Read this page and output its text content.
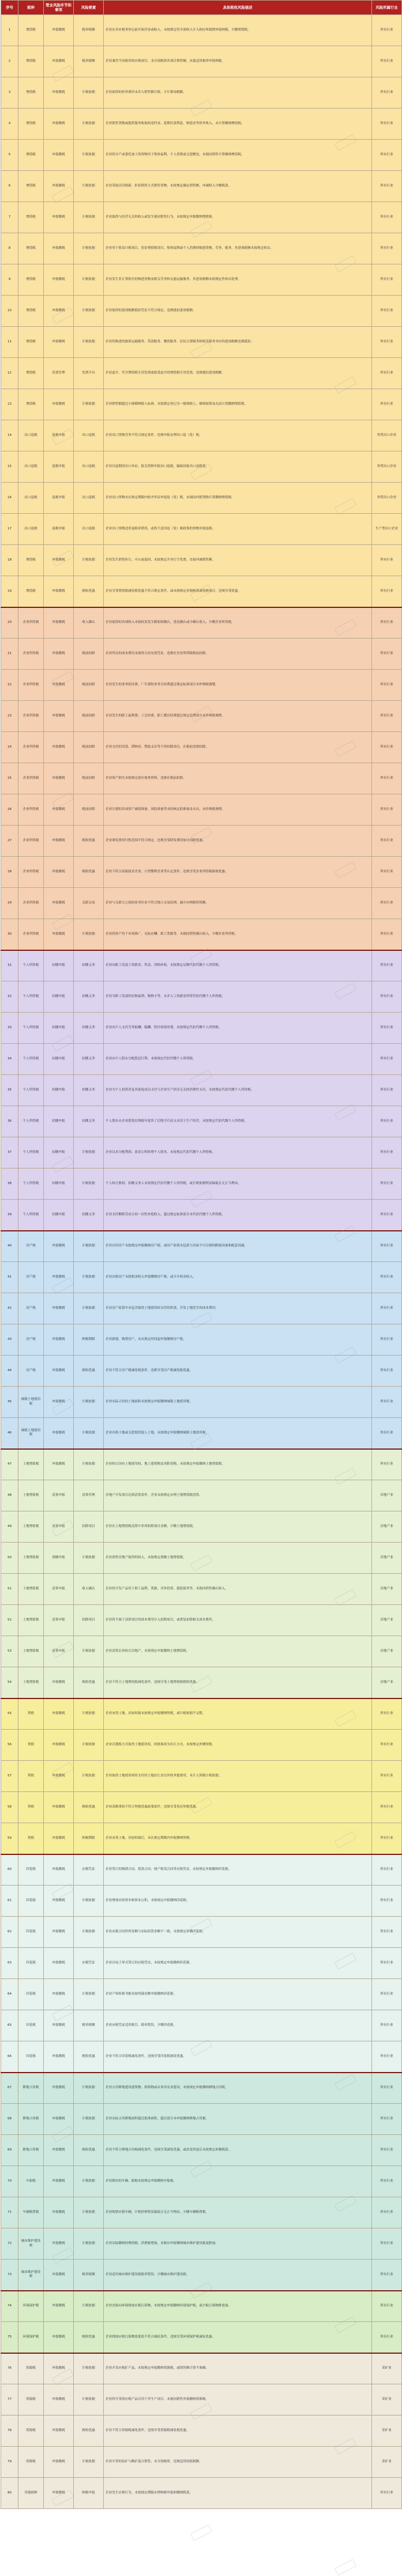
序号	税种	管业风险环节和事项	风险要素	具体税收风险描述	风险所属行业
1	增值税	申报缴税	税率税额	企业在对应税务登记前开始营业或收入，未按规定将全部收入计入相应所属期申报纳税，少缴增值税。	所有行业
2	增值税	申报缴税	税率税额	企业兼营不同税率的应税项目，未分别核算各项目销售额，从低适用税率申报纳税。	所有行业
3	增值税	申报缴税	计税依据	企业取得的价外费用未并入销售额计税，少计销项税额。	所有行业
4	增值税	申报缴税	计税依据	企业销售货物或提供服务收取的违约金、延期付款利息、赔偿金等价外收入，未计算缴纳增值税。	所有行业
5	增值税	申报缴税	计税依据	企业将自产或委托加工的货物用于集体福利、个人消费或无偿赠送，未视同销售计算缴纳增值税。	所有行业
6	增值税	申报缴税	计税依据	企业采取以旧换新、折扣销售方式销售货物，未按规定确定销售额，冲减收入少缴税款。	所有行业
7	增值税	申报缴税	计税依据	企业取得与经营无关的收入或发生视同销售行为，未按规定申报缴纳增值税。	所有行业
8	增值税	申报缴税	计税依据	企业用于简易计税项目、免征增值税项目、集体福利或个人消费的购进货物、劳务、服务，其进项税额未按规定转出。	所有行业
9	增值税	申报缴税	计税依据	企业发生非正常损失的购进货物及相关劳务和交通运输服务，其进项税额未按规定作转出处理。	所有行业
10	增值税	申报缴税	计税依据	企业取得的进项税额抵扣凭证不符合规定，违规抵扣进项税额。	所有行业
11	增值税	申报缴税	计税依据	企业将购进的旅客运输服务、贷款服务、餐饮服务、居民日常服务和娱乐服务对应的进项税额违规抵扣。	所有行业
12	增值税	发票管理	发票开具	企业虚开、代开增值税专用发票或接受虚开的增值税专用发票，违规抵扣进项税额。	所有行业
13	增值税	申报缴税	计税依据	企业销售额超过小规模纳税人标准，未按规定登记为一般纳税人，继续按简易办法计算缴纳增值税。	所有行业
14	出口退税	退税申报	出口退税	企业出口货物劳务不符合规定条件，违规申报办理出口退（免）税。	外贸出口企业
15	出口退税	退税申报	出口退税	企业以虚假的出口单证、报关资料申报出口退税，骗取国家出口退税款。	外贸出口企业
16	出口退税	退税申报	出口退税	企业出口货物未在规定期限内收齐单证申报退（免）税，未视同内销货物计算缴纳增值税。	外贸出口企业
17	出口退税	退税申报	出口退税	企业出口货物适用退税率错误，或将不适用退（免）税政策的货物申报退税。	生产型出口企业
18	增值税	申报缴税	计税依据	企业发生销售折让、中止或退回，未按规定开具红字发票，直接冲减销售额。	所有行业
19	增值税	申报缴税	税收优惠	企业享受增值税减免税优惠不符合规定条件，或未按规定单独核算减免税项目，违规享受优惠。	所有行业
20	企业所得税	申报缴税	收入确认	企业取得的各项收入未按权责发生制原则确认，延迟确认或少确认收入，少缴企业所得税。	所有行业
21	企业所得税	申报缴税	税前扣除	企业列支的成本费用未取得合法有效凭证，违规在企业所得税税前扣除。	所有行业
22	企业所得税	申报缴税	税前扣除	企业发生的业务招待费、广告费和业务宣传费超过规定标准部分未作纳税调整。	所有行业
23	企业所得税	申报缴税	税前扣除	企业发生的职工福利费、工会经费、职工教育经费超过规定比例部分未作纳税调增。	所有行业
24	企业所得税	申报缴税	税前扣除	企业支付的罚款、滞纳金、赞助支出等不得扣除项目，在税前违规扣除。	所有行业
25	企业所得税	申报缴税	税前扣除	企业资产损失未按规定留存备查资料，违规在税前扣除。	所有行业
26	企业所得税	申报缴税	税前扣除	企业计提的各项资产减值准备、风险准备等未经核定的准备金支出，未作纳税调增。	所有行业
27	企业所得税	申报缴税	税收优惠	企业研发费用归集范围不符合规定，违规享受研发费用加计扣除优惠。	所有行业
28	企业所得税	申报缴税	税收优惠	企业不符合高新技术企业、小型微利企业等认定条件，违规享受企业所得税税收优惠。	所有行业
29	企业所得税	申报缴税	关联交易	企业与关联方之间的业务往来不符合独立交易原则，减少应纳税所得额。	所有行业
30	企业所得税	申报缴税	计税依据	企业将资产用于市场推广、交际应酬、职工奖励等，未视同销售确认收入，少缴企业所得税。	所有行业
31	个人所得税	扣缴申报	扣缴义务	企业向职工发放工资薪金、奖金、津贴补贴，未按规定足额代扣代缴个人所得税。	所有行业
32	个人所得税	扣缴申报	扣缴义务	企业为职工发放的实物福利、购物卡等，未并入工资薪金所得代扣代缴个人所得税。	所有行业
33	个人所得税	扣缴申报	扣缴义务	企业向个人支付劳务报酬、稿酬、特许权使用费，未按规定代扣代缴个人所得税。	所有行业
34	个人所得税	扣缴申报	扣缴义务	企业向个人股东分配股息红利，未按规定代扣代缴个人所得税。	所有行业
35	个人所得税	扣缴申报	扣缴义务	企业为个人投资者及其家庭成员支付与企业生产经营无关的消费性支出，未按规定代扣代缴个人所得税。	所有行业
36	个人所得税	扣缴申报	扣缴义务	个人股东从企业借款在纳税年度终了后既不归还又未用于生产经营，未按规定代扣代缴个人所得税。	所有行业
37	个人所得税	扣缴申报	计税依据	企业以未分配利润、盈余公积转增个人股本，未按规定代扣代缴个人所得税。	所有行业
38	个人所得税	扣缴申报	计税依据	个人转让股权，扣缴义务人未按规定代扣代缴个人所得税，或计税依据明显偏低且无正当理由。	所有行业
39	个人所得税	扣缴申报	扣缴义务	企业支付解除劳动合同一次性补偿收入，超过规定标准部分未代扣代缴个人所得税。	所有行业
40	房产税	申报缴税	计税依据	企业自用房产未按规定申报缴纳房产税，或房产原值未包括与房屋不可分割的附属设备和配套设施。	所有行业
41	房产税	申报缴税	计税依据	企业出租房产未按租金收入申报缴纳房产税，或少计租金收入。	所有行业
42	房产税	申报缴税	计税依据	企业房产原值中未包含取得土地使用权支付的价款、开发土地发生的成本费用。	所有行业
43	房产税	申报缴税	纳税期限	企业新建、购置房产，未从规定时间起申报缴纳房产税。	所有行业
44	房产税	申报缴税	税收优惠	企业不符合房产税减免税条件，违规享受房产税减免税优惠。	所有行业
45	城镇土地使用税	申报缴税	计税依据	企业实际占用的土地面积未按规定申报缴纳城镇土地使用税。	所有行业
46	城镇土地使用税	申报缴税	计税依据	企业出租土地或无偿使用他人土地，未按规定申报缴纳城镇土地使用税。	所有行业
47	土地增值税	申报缴税	计税依据	企业转让国有土地使用权、地上建筑物及其附着物，未按规定申报缴纳土地增值税。	所有行业
48	土地增值税	清算申报	清算管理	房地产开发项目达到清算条件，企业未按规定办理土地增值税清算。	房地产业
49	土地增值税	清算申报	扣除项目	企业在土地增值税清算中多列扣除项目金额，少缴土地增值税。	房地产业
50	土地增值税	预缴申报	计税依据	企业预售房地产取得的收入，未按规定预缴土地增值税。	房地产业
51	土地增值税	清算申报	收入确认	企业将开发产品用于职工福利、奖励、对外投资、抵偿债务等，未视同销售确认收入。	房地产业
52	土地增值税	清算申报	扣除项目	企业将不属于清算项目的成本费用计入扣除项目，或重复扣除相关成本费用。	房地产业
53	土地增值税	清算申报	计税依据	企业清算后再转让房地产，未按规定申报缴纳土地增值税。	房地产业
54	土地增值税	申报缴税	税收优惠	企业不符合土地增值税减免条件，违规享受土地增值税税收优惠。	房地产业
55	契税	申报缴税	计税依据	企业承受土地、房屋权属未按规定申报缴纳契税，或计税依据不完整。	所有行业
56	契税	申报缴税	计税依据	企业以划拨方式取得土地使用权，经批准改为出让方式，未按规定补缴契税。	所有行业
57	契税	申报缴税	计税依据	企业取得土地使用权时支付的土地出让金以外的其他费用，未计入契税计税依据。	所有行业
58	契税	申报缴税	税收优惠	企业改制重组不符合契税优惠政策条件，违规享受免征契税优惠。	所有行业
59	契税	申报缴税	纳税期限	企业承受土地、房屋权属后，未在规定期限内申报缴纳契税。	所有行业
60	印花税	申报缴税	应税凭证	企业签订的购销合同、借款合同、财产租赁合同等应税凭证，未按规定申报缴纳印花税。	所有行业
61	印花税	申报缴税	计税依据	企业增加实收资本和资本公积，未按规定申报缴纳印花税。	所有行业
62	印花税	申报缴税	计税依据	企业应税合同所列金额与实际结算金额不一致，未按规定补缴印花税。	所有行业
63	印花税	申报缴税	应税凭证	企业以电子形式签订的应税凭证，未按规定申报缴纳印花税。	所有行业
64	印花税	申报缴税	计税依据	企业产权转移书据未按所载金额申报缴纳印花税。	所有行业
65	印花税	申报缴税	税率税额	企业应税凭证适用税目、税率错误，少缴印花税。	所有行业
66	印花税	申报缴税	税收优惠	企业不符合印花税减免条件，违规享受印花税减免优惠。	所有行业
67	耕地占用税	申报缴税	计税依据	企业占用耕地建设建筑物、构筑物或从事非农业建设，未按规定申报缴纳耕地占用税。	所有行业
68	耕地占用税	申报缴税	计税依据	企业实际占用耕地面积超过批准面积，超出部分未申报缴纳耕地占用税。	所有行业
69	耕地占用税	申报缴税	税收优惠	企业不符合耕地占用税减免条件，违规享受减免优惠，或改变用途后未按规定补缴税款。	所有行业
70	车船税	申报缴税	计税依据	企业拥有的车辆、船舶未按规定申报缴纳车船税。	所有行业
71	车辆购置税	申报缴税	计税依据	企业购置应税车辆，计税价格明显偏低且无正当理由，少缴车辆购置税。	所有行业
72	城市维护建设税	申报缴税	计税依据	企业实际缴纳的增值税、消费税增加，未相应申报缴纳城市维护建设税及附加。	所有行业
73	城市维护建设税	申报缴税	税率税额	企业适用城市维护建设税税率错误，少缴城市维护建设税。	所有行业
74	环境保护税	申报缴税	计税依据	企业直接向环境排放应税污染物，未按规定申报缴纳环境保护税，或少报污染物排放量。	所有行业
75	环境保护税	申报缴税	税收优惠	企业排放应税污染物浓度值不符合减征条件，违规享受环境保护税减征优惠。	所有行业
76	资源税	申报缴税	计税依据	企业开采应税矿产品，未按规定申报缴纳资源税，或销售额计算不准确。	采矿业
77	资源税	申报缴税	计税依据	企业将开采的应税产品自用于非生产项目，未视同销售申报缴纳资源税。	采矿业
78	资源税	申报缴税	税收优惠	企业不符合资源税减免条件，违规享受资源税减免税优惠。	采矿业
79	资源税	申报缴税	计税依据	企业开采的原矿与精矿混合销售，未分别核算，违规适用较低税额。	采矿业
80	其他税种	申报缴税	纳税申报	企业发生应税行为，未按规定期限办理纳税申报和缴纳税款。	所有行业
